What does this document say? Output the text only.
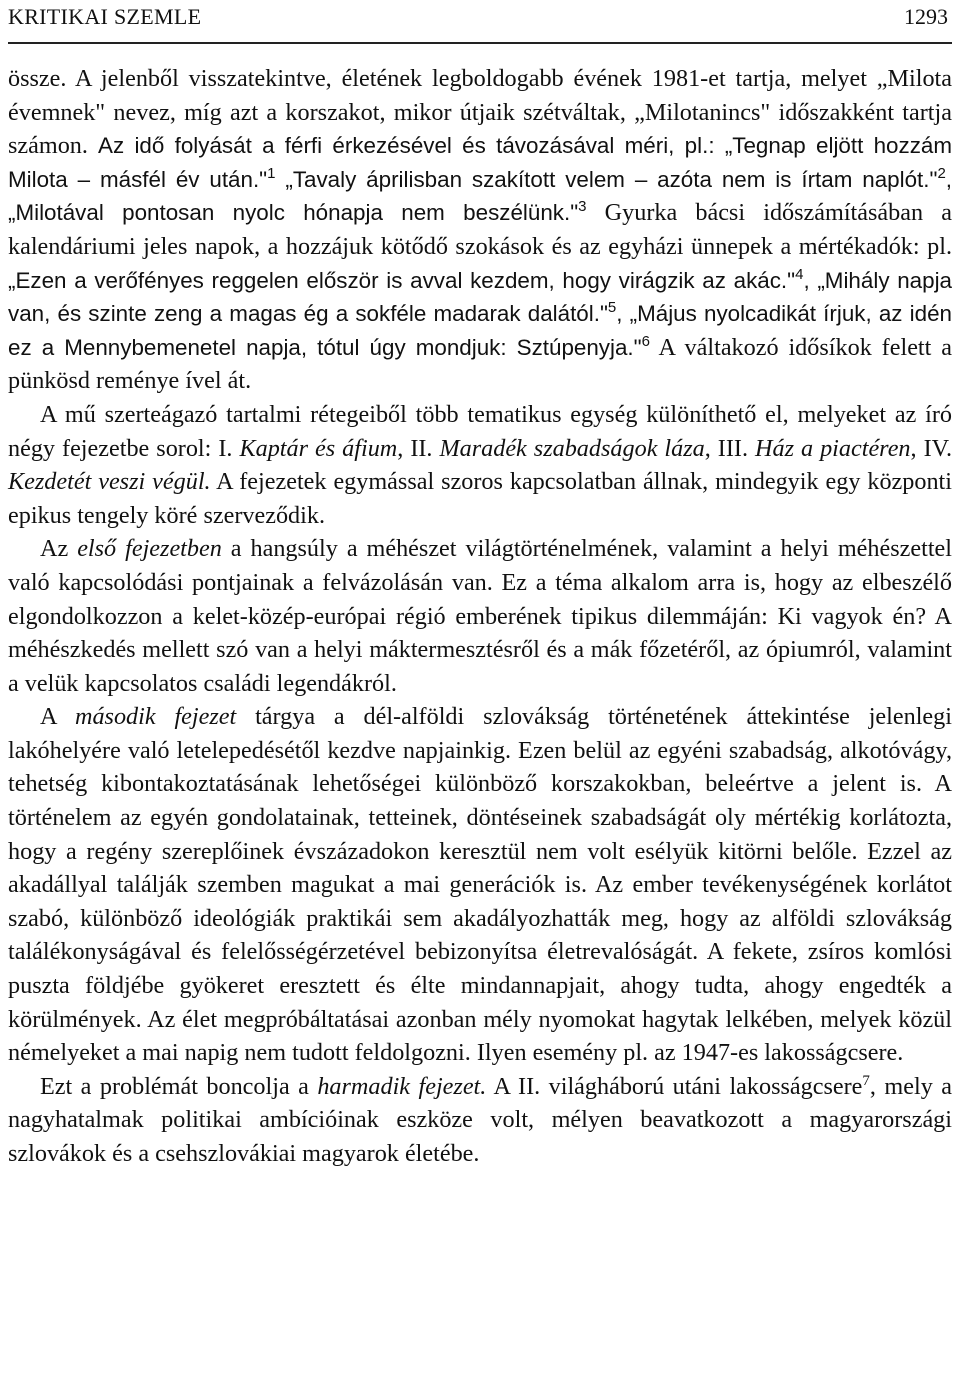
KRITIKAI SZEMLE	1293

össze. A jelenből visszatekintve, életének legboldogabb évének 1981-et tartja, melyet „Milota évemnek" nevez, míg azt a korszakot, mikor útjaik szétváltak, „Milotanincs" időszakként tartja számon. Az idő folyását a férfi érkezésével és távozásával méri, pl.: „Tegnap eljött hozzám Milota – másfél év után."$^1$ „Tavaly áprilisban szakított velem – azóta nem is írtam naplót."$^2$, „Milotával pontosan nyolc hónapja nem beszélünk."$^3$ Gyurka bácsi időszámításában a kalendáriumi jeles napok, a hozzájuk kötődő szokások és az egyházi ünnepek a mértékadók: pl. „Ezen a verőfényes reggelen először is avval kezdem, hogy virágzik az akác."$^4$, „Mihály napja van, és szinte zeng a magas ég a sokféle madarak dalától."$^5$, „Május nyolcadikát írjuk, az idén ez a Mennybemenetel napja, tótul úgy mondjuk: Sztúpenyja."$^6$ A váltakozó idősíkok felett a pünkösd reménye ível át.

A mű szerteágazó tartalmi rétegeiből több tematikus egység különíthető el, melyeket az író négy fejezetbe sorol: I. Kaptár és áfium, II. Maradék szabadságok láza, III. Ház a piactéren, IV. Kezdetét veszi végül. A fejezetek egymással szoros kapcsolatban állnak, mindegyik egy központi epikus tengely köré szerveződik.

Az első fejezetben a hangsúly a méhészet világtörténelmének, valamint a helyi méhészettel való kapcsolódási pontjainak a felvázolásán van. Ez a téma alkalom arra is, hogy az elbeszélő elgondolkozzon a kelet-közép-európai régió emberének tipikus dilemmáján: Ki vagyok én? A méhészkedés mellett szó van a helyi máktermesztésről és a mák főzetéről, az ópiumról, valamint a velük kapcsolatos családi legendákról.

A második fejezet tárgya a dél-alföldi szlovákság történetének áttekintése jelenlegi lakóhelyére való letelepedésétől kezdve napjainkig. Ezen belül az egyéni szabadság, alkotóvágy, tehetség kibontakoztatásának lehetőségei különböző korszakokban, beleértve a jelent is. A történelem az egyén gondolatainak, tetteinek, döntéseinek szabadságát oly mértékig korlátozta, hogy a regény szereplőinek évszázadokon keresztül nem volt esélyük kitörni belőle. Ezzel az akadállyal találják szemben magukat a mai generációk is. Az ember tevékenységének korlátot szabó, különböző ideológiák praktikái sem akadályozhatták meg, hogy az alföldi szlovákság találékonyságával és felelősségérzetével bebizonyítsa életrevalóságát. A fekete, zsíros komlósi puszta földjébe gyökeret eresztett és élte mindannapjait, ahogy tudta, ahogy engedték a körülmények. Az élet megpróbáltatásai azonban mély nyomokat hagytak lelkében, melyek közül némelyeket a mai napig nem tudott feldolgozni. Ilyen esemény pl. az 1947-es lakosságcsere.

Ezt a problémát boncolja a harmadik fejezet. A II. világháború utáni lakosságcsere$^7$, mely a nagyhatalmak politikai ambícióinak eszköze volt, mélyen beavatkozott a magyarországi szlovákok és a csehszlovákiai magyarok életébe.
